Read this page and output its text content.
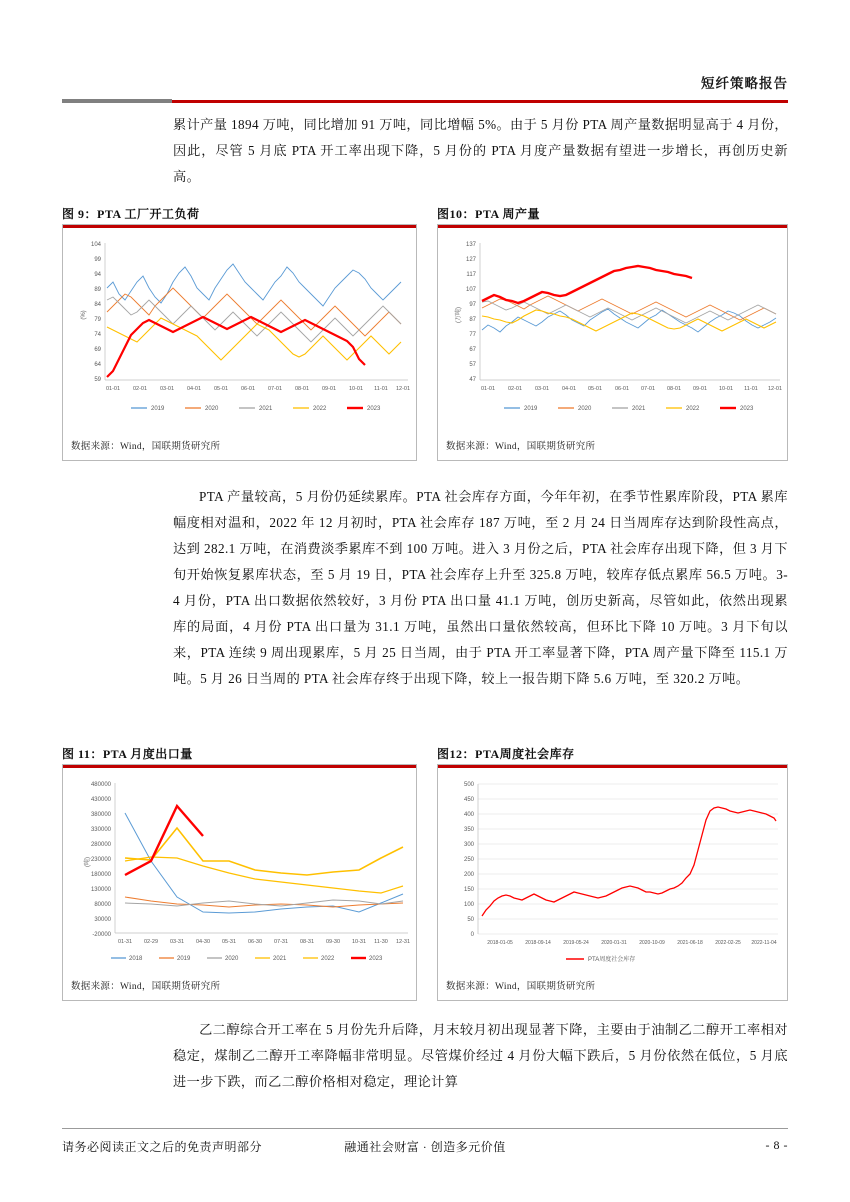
短纤策略报告
累计产量 1894 万吨，同比增加 91 万吨，同比增幅 5%。由于 5 月份 PTA 周产量数据明显高于 4 月份，因此，尽管 5 月底 PTA 开工率出现下降，5 月份的 PTA 月度产量数据有望进一步增长，再创历史新高。
图 9：PTA 工厂开工负荷
104
99
94
89
84
79
74
69
64
59
(%)
01-01 02-01 03-01 04-01 05-01 06-01 07-01 08-01 09-01 10-01 11-01 12-01
2019	2020	2021	2022	2023
数据来源：Wind，国联期货研究所
图10：PTA 周产量
137
127
117
107
97
87
77
67
57
47
(万吨)
01-01 02-01 03-01 04-01 05-01 06-01 07-01 08-01 09-01 10-01 11-01 12-01
2019	2020	2021	2022	2023
数据来源：Wind，国联期货研究所
PTA 产量较高，5 月份仍延续累库。PTA 社会库存方面，今年年初，在季节性累库阶段，PTA 累库幅度相对温和，2022 年 12 月初时，PTA 社会库存 187 万吨，至 2 月 24 日当周库存达到阶段性高点，达到 282.1 万吨，在消费淡季累库不到 100 万吨。进入 3 月份之后，PTA 社会库存出现下降，但 3 月下旬开始恢复累库状态，至 5 月 19 日，PTA 社会库存上升至 325.8 万吨，较库存低点累库 56.5 万吨。3-4 月份，PTA 出口数据依然较好，3 月份 PTA 出口量 41.1 万吨，创历史新高，尽管如此，依然出现累库的局面，4 月份 PTA 出口量为 31.1 万吨，虽然出口量依然较高，但环比下降 10 万吨。3 月下旬以来，PTA 连续 9 周出现累库，5 月 25 日当周，由于 PTA 开工率显著下降，PTA 周产量下降至 115.1 万吨。5 月 26 日当周的 PTA 社会库存终于出现下降，较上一报告期下降 5.6 万吨，至 320.2 万吨。
图 11：PTA 月度出口量
480000
430000
380000
330000
280000
230000
180000
130000
80000
30000
-20000
(吨)
01-31 02-29 03-31 04-30 05-31 06-30 07-31 08-31 09-30 10-31 11-30 12-31
2018	2019	2020	2021	2022	2023
数据来源：Wind，国联期货研究所
图12：PTA周度社会库存
500
450
400
350
300
250
200
150
100
50
0
2018-01-05 2018-09-14 2019-05-24 2020-01-31 2020-10-09 2021-06-18 2022-02-25 2022-11-04
PTA周度社会库存
数据来源：Wind，国联期货研究所
乙二醇综合开工率在 5 月份先升后降，月末较月初出现显著下降，主要由于油制乙二醇开工率相对稳定，煤制乙二醇开工率降幅非常明显。尽管煤价经过 4 月份大幅下跌后，5 月份依然在低位，5 月底进一步下跌，而乙二醇价格相对稳定，理论计算
请务必阅读正文之后的免责声明部分	融通社会财富 · 创造多元价值	- 8 -
